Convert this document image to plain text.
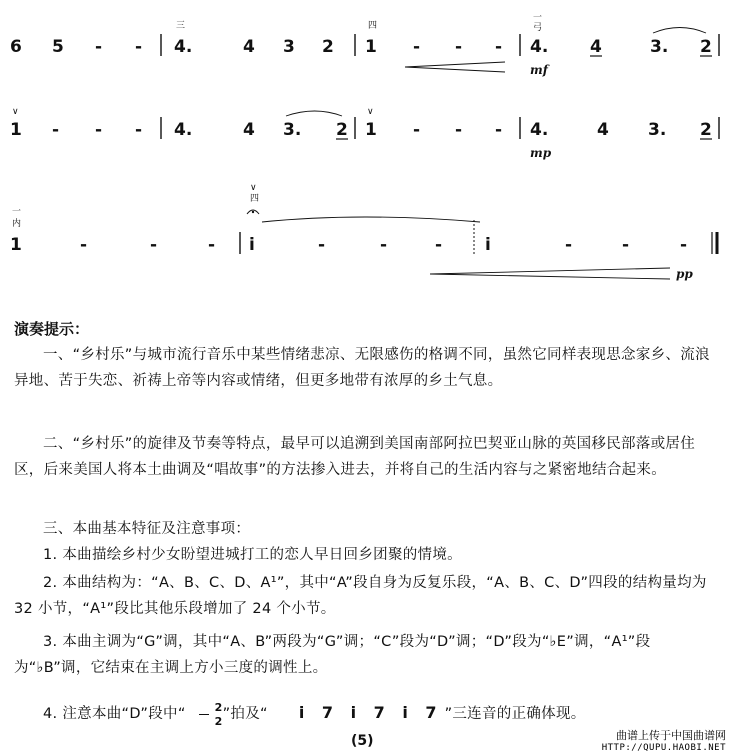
6 5 - -
三
4.	4 3 2
四
1 - - -
一
弓
4. 4	3. 2
mf
∨
1 - - - 4.	4 3. 2
∨
1 - - - 4.	4 3. 2
mp
一
内
1	-	-	-
∨
四
i	-	-	-	i	-	-	-
pp
演奏提示：
一、“乡村乐”与城市流行音乐中某些情绪悲凉、无限感伤的格调不同，虽然它同样表现思念家乡、流浪异地、苦于失恋、祈祷上帝等内容或情绪，但更多地带有浓厚的乡土气息。
二、“乡村乐”的旋律及节奏等特点，最早可以追溯到美国南部阿拉巴契亚山脉的英国移民部落或居住区，后来美国人将本土曲调及“唱故事”的方法掺入进去，并将自己的生活内容与之紧密地结合起来。
三、本曲基本特征及注意事项：
1. 本曲描绘乡村少女盼望进城打工的恋人早日回乡团聚的情境。
2. 本曲结构为：“A、B、C、D、A¹”，其中“A”段自身为反复乐段，“A、B、C、D”四段的结构量均为 32 小节，“A¹”段比其他乐段增加了 24 个小节。
3. 本曲主调为“G”调，其中“A、B”两段为“G”调；“C”段为“D”调；“D”段为“♭E”调，“A¹”段为“♭B”调，它结束在主调上方小三度的调性上。
4. 注意本曲“D”段中“ $\frac{2}{2}$ ”拍及“ i 7 i 7 i 7 ”三连音的正确体现。
(5)	曲谱上传于中国曲谱网
HTTP://QUPU.HAOBI.NET
